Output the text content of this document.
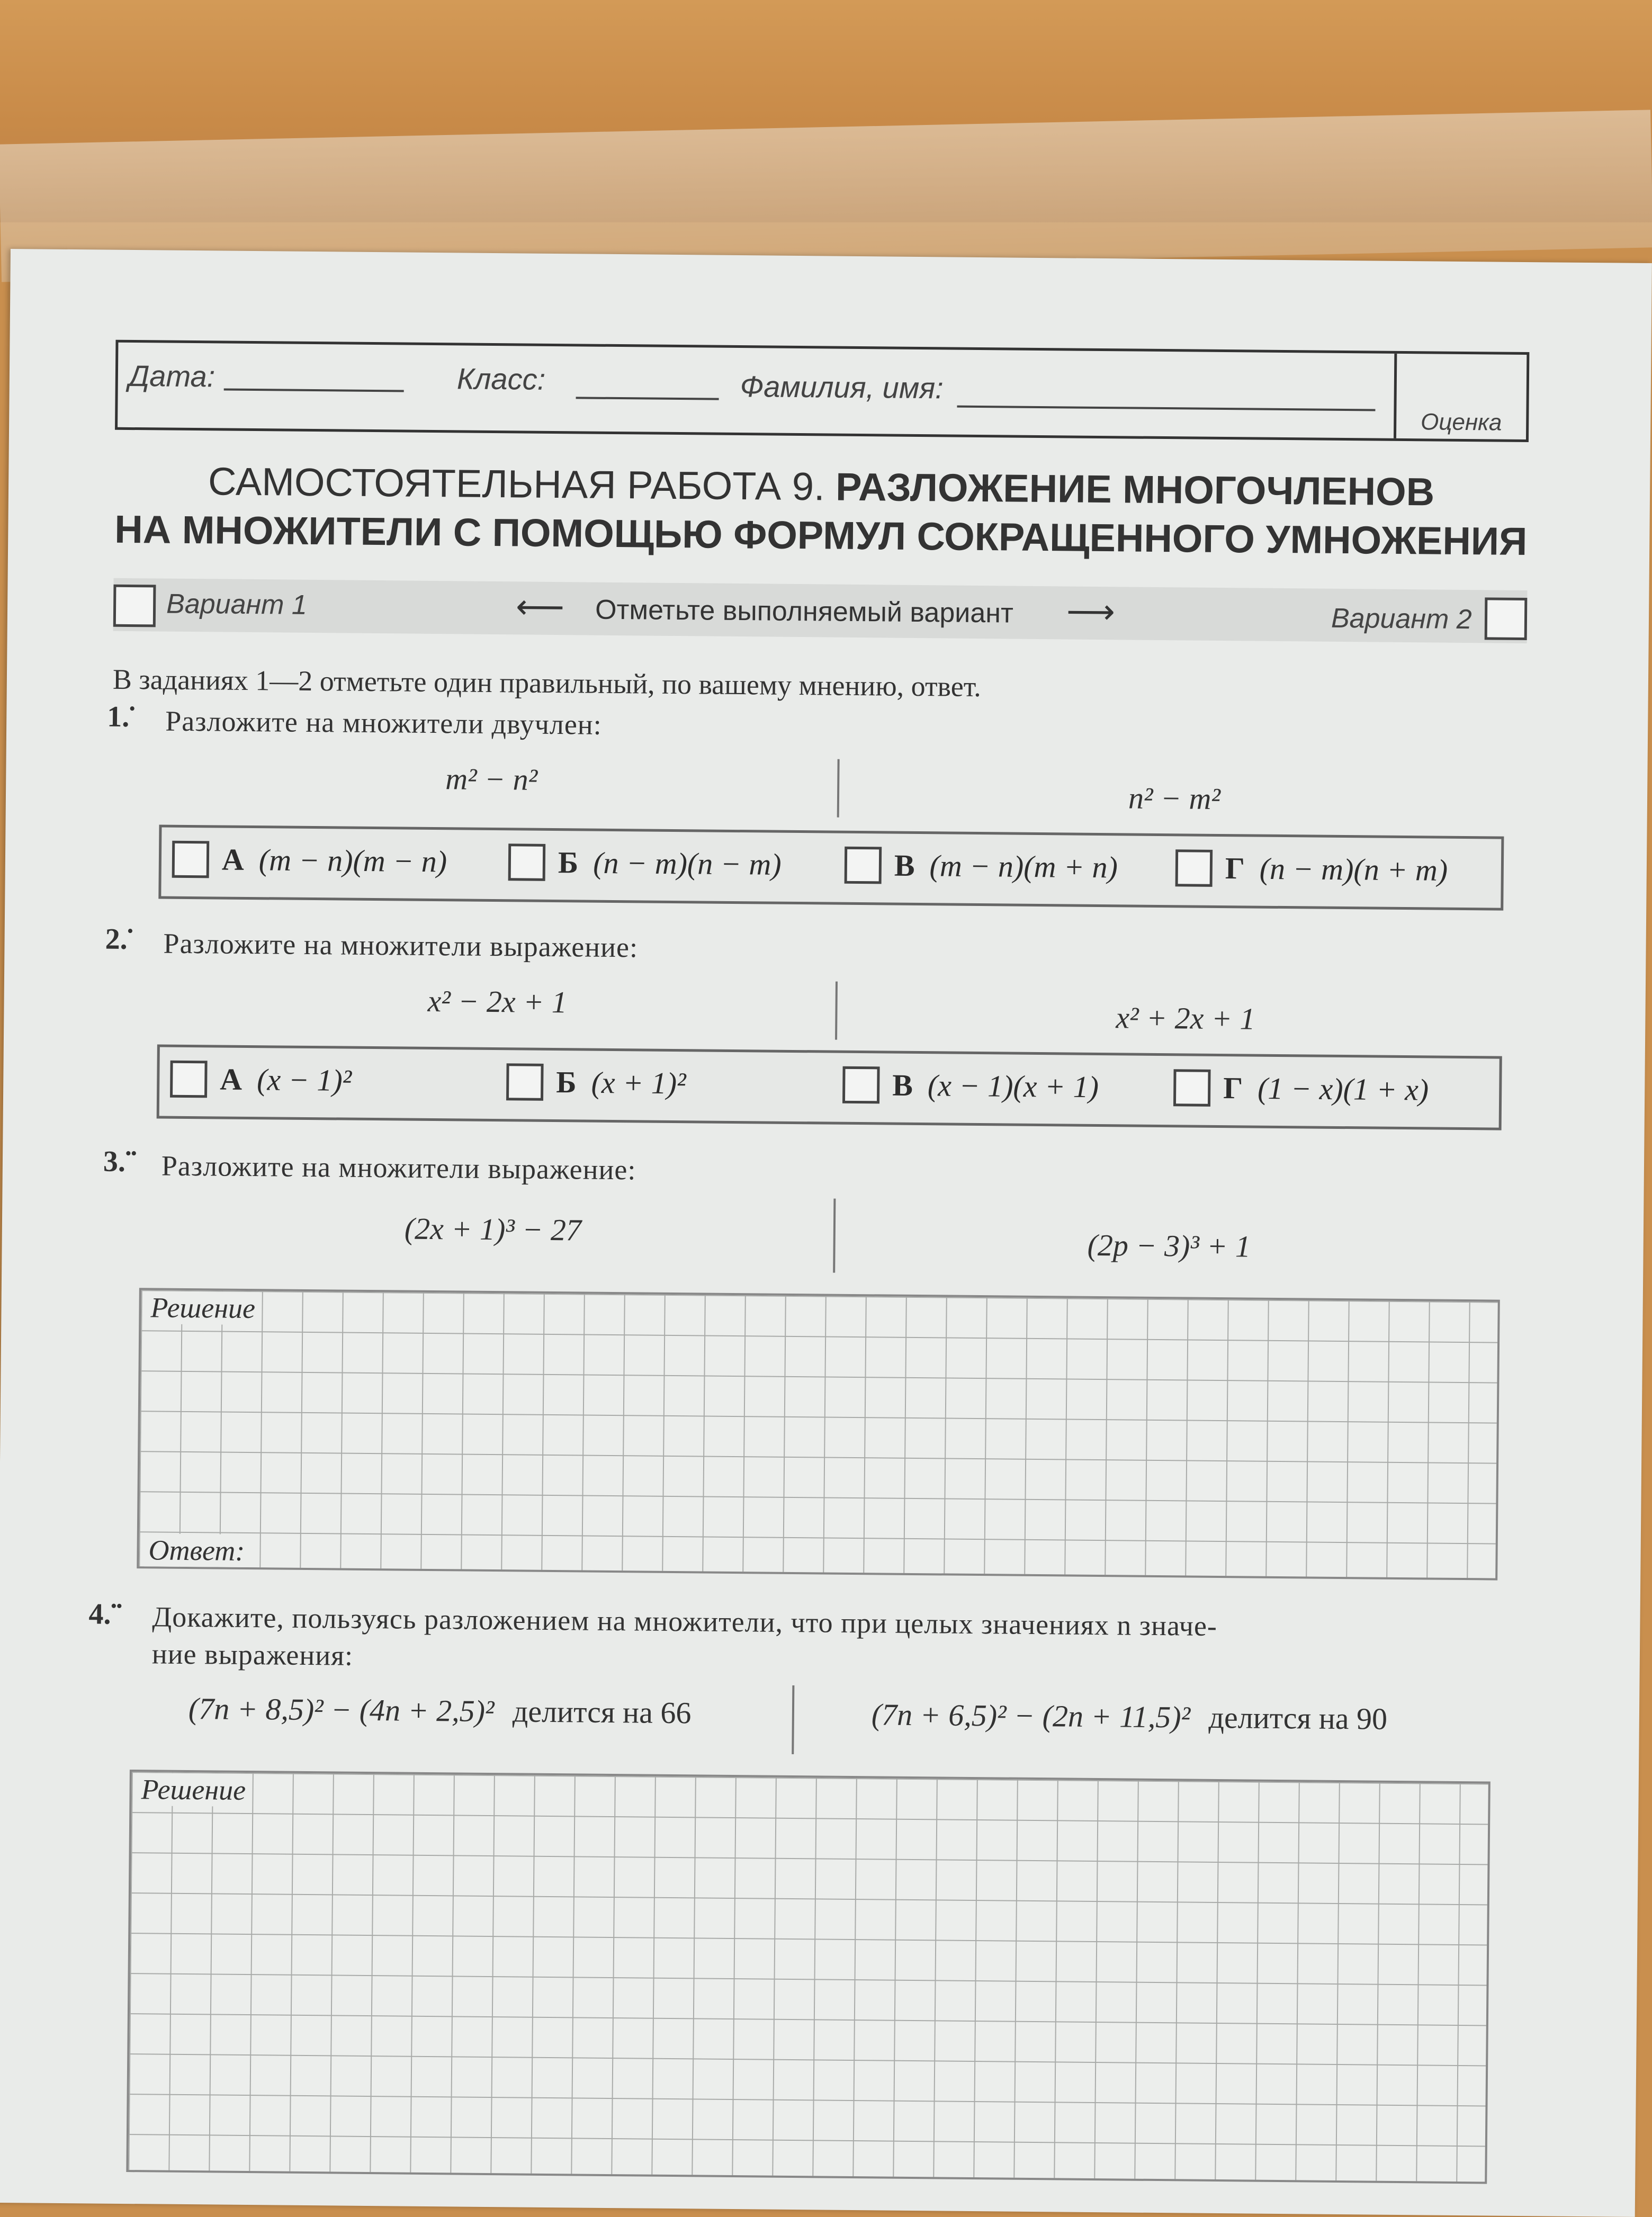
Дата:	Класс:	Фамилия, имя:
Оценка
САМОСТОЯТЕЛЬНАЯ РАБОТА 9. РАЗЛОЖЕНИЕ МНОГОЧЛЕНОВ
НА МНОЖИТЕЛИ С ПОМОЩЬЮ ФОРМУЛ СОКРАЩЕННОГО УМНОЖЕНИЯ
Вариант 1	⟵ Отметьте выполняемый вариант ⟶	Вариант 2
В заданиях 1—2 отметьте один правильный, по вашему мнению, ответ.
1.• Разложите на множители двучлен:
m² − n²
n² − m²
А (m − n)(m − n)	Б (n − m)(n − m)	В (m − n)(m + n)	Г (n − m)(n + m)
2.• Разложите на множители выражение:
x² − 2x + 1	x² + 2x + 1
А (x − 1)²	Б (x + 1)²	В (x − 1)(x + 1)	Г (1 − x)(1 + x)
3.•• Разложите на множители выражение:
(2x + 1)³ − 27	(2p − 3)³ + 1
Решение
Ответ:
4.•• Докажите, пользуясь разложением на множители, что при целых значениях n значе-
ние выражения:
(7n + 8,5)² − (4n + 2,5)² делится на 66	(7n + 6,5)² − (2n + 11,5)² делится на 90
Решение
